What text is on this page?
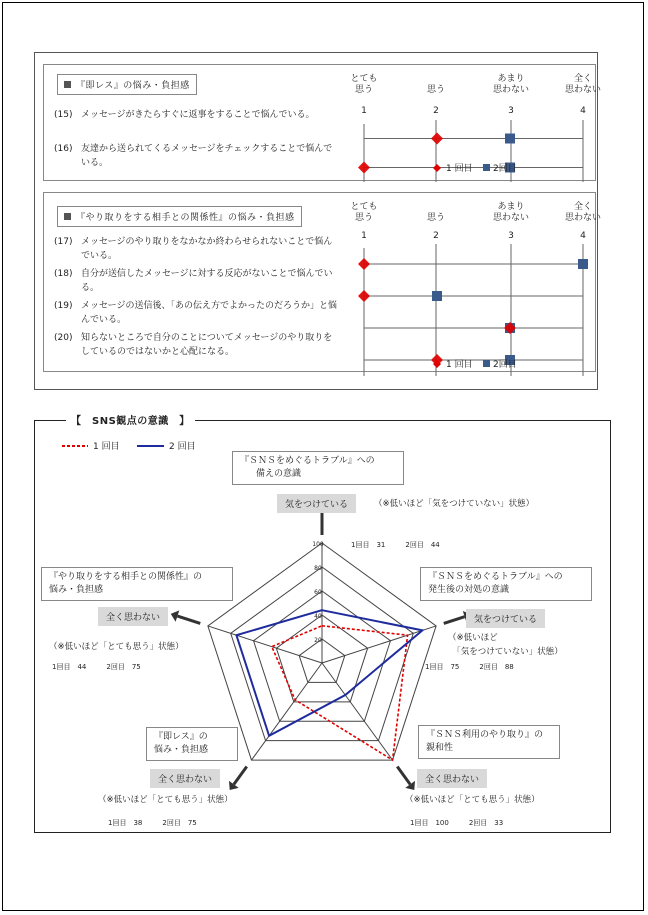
『即レス』の悩み・負担感
(15) メッセージがきたらすぐに返事をすることで悩んでいる。
(16) 友達から送られてくるメッセージをチェックすることで悩んでいる。
『やり取りをする相手との関係性』の悩み・負担感
(17) メッセージのやり取りをなかなか終わらせられないことで悩んでいる。
(18) 自分が送信したメッセージに対する反応がないことで悩んでいる。
(19) メッセージの送信後、「あの伝え方でよかったのだろうか」と悩んでいる。
(20) 知らないところで自分のことについてメッセージのやり取りをしているのではないかと心配になる。
とても
思う
1
思う
2
あまり
思わない
3
全く
思わない
4
1 回目 2回目
とても
思う
1
思う
2
あまり
思わない
3
全く
思わない
4
1 回目 2回目
【　SNS観点の意識　】
20
40
60
80
100
1 回目	2 回目
『ＳＮＳをめぐるトラブル』への
備えの意識
気をつけている	（※低いほど「気をつけていない」状態）
1回目　31	2回目　44
『ＳＮＳをめぐるトラブル』への
発生後の対処の意識
気をつけている
（※低いほど
　「気をつけていない」状態）
1回目　75	2回目　88
『ＳＮＳ利用のやり取り』の
親和性
全く思わない
（※低いほど「とても思う」状態）
1回目　100	2回目　33
『即レス』の
悩み・負担感
全く思わない
（※低いほど「とても思う」状態）
1回目　38	2回目　75
『やり取りをする相手との関係性』の
悩み・負担感
全く思わない
（※低いほど「とても思う」状態）
1回目　44	2回目　75
